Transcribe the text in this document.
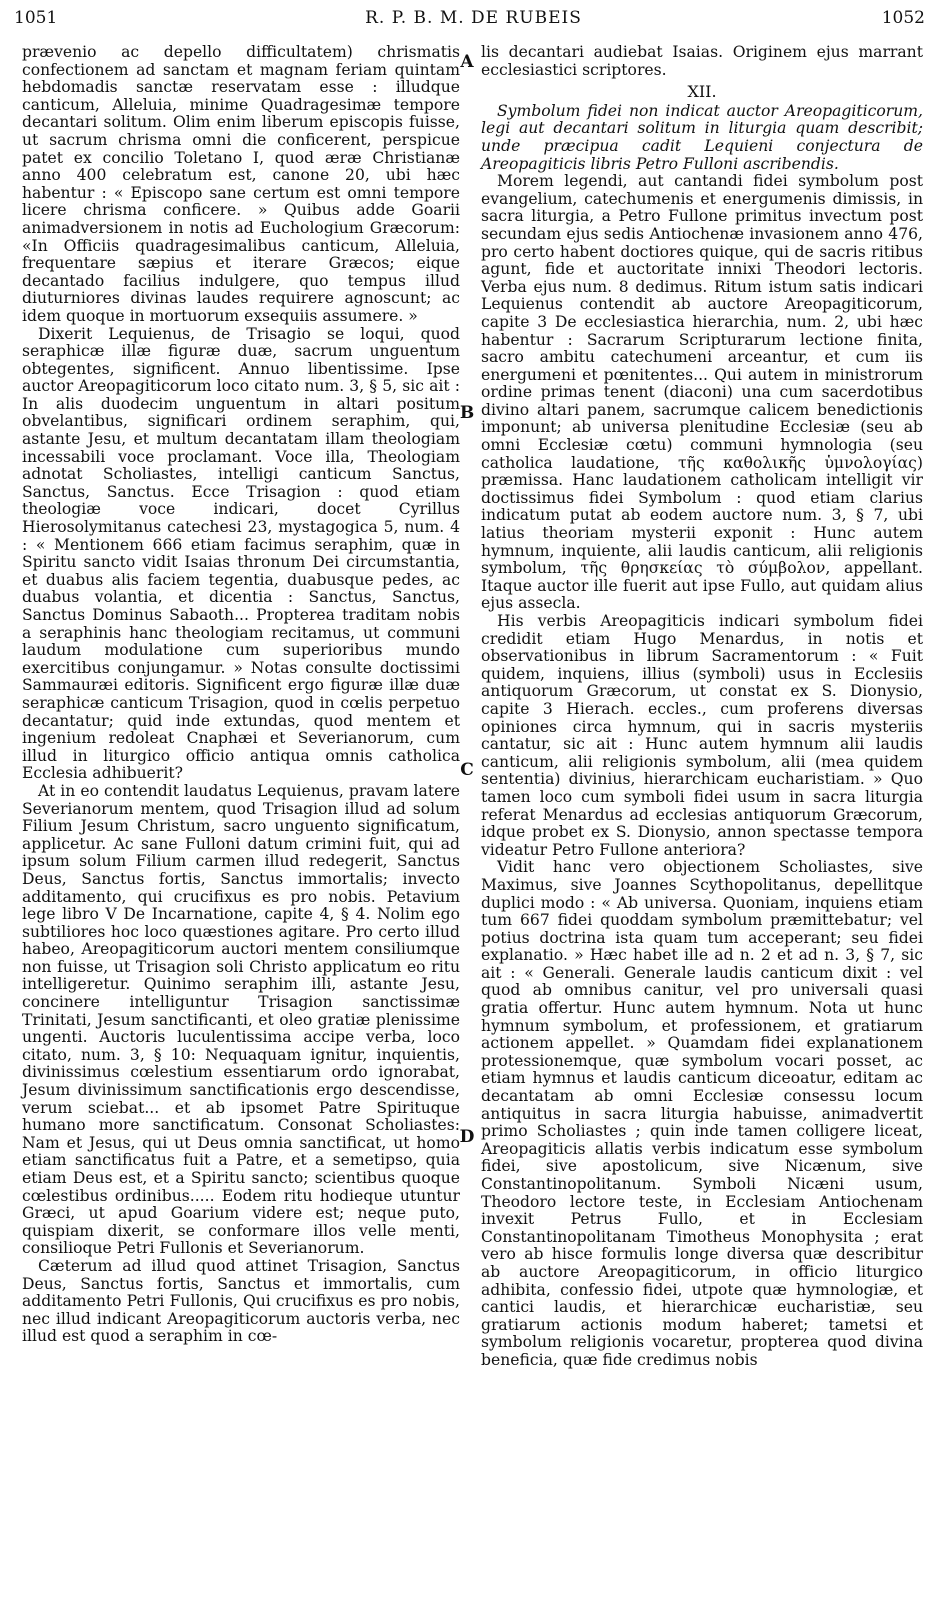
R. P. B. M. DE RUBEIS
1051	1052

prævenio ac depello difficultatem) chrismatis confectionem ad sanctam et magnam feriam quintam hebdomadis sanctæ reservatam esse : illudque canticum, Alleluia, minime Quadragesimæ tempore decantari solitum. Olim enim liberum episcopis fuisse, ut sacrum chrisma omni die conficerent, perspicue patet ex concilio Toletano I, quod æræ Christianæ anno 400 celebratum est, canone 20, ubi hæc habentur : « Episcopo sane certum est omni tempore licere chrisma conficere. » Quibus adde Goarii animadversionem in notis ad Euchologium Græcorum: «In Officiis quadragesimalibus canticum, Alleluia, frequentare sæpius et iterare Græcos; eique decantado facilius indulgere, quo tempus illud diuturniores divinas laudes requirere agnoscunt; ac idem quoque in mortuorum exsequiis assumere. »

Dixerit Lequienus, de Trisagio se loqui, quod seraphicæ illæ figuræ duæ, sacrum unguentum obtegentes, significent. Annuo libentissime. Ipse auctor Areopagiticorum loco citato num. 3, § 5, sic ait : In alis duodecim unguentum in altari positum obvelantibus, significari ordinem seraphim, qui, astante Jesu, et multum decantatam illam theologiam incessabili voce proclamant. Voce illa, Theologiam adnotat Scholiastes, intelligi canticum Sanctus, Sanctus, Sanctus. Ecce Trisagion : quod etiam theologiæ voce indicari, docet Cyrillus Hierosolymitanus catechesi 23, mystagogica 5, num. 4 : « Mentionem 666 etiam facimus seraphim, quæ in Spiritu sancto vidit Isaias thronum Dei circumstantia, et duabus alis faciem tegentia, duabusque pedes, ac duabus volantia, et dicentia : Sanctus, Sanctus, Sanctus Dominus Sabaoth... Propterea traditam nobis a seraphinis hanc theologiam recitamus, ut communi laudum modulatione cum superioribus mundo exercitibus conjungamur. » Notas consulte doctissimi Sammauræi editoris. Significent ergo figuræ illæ duæ seraphicæ canticum Trisagion, quod in cœlis perpetuo decantatur; quid inde extundas, quod mentem et ingenium redoleat Cnaphæi et Severianorum, cum illud in liturgico officio antiqua omnis catholica Ecclesia adhibuerit?

At in eo contendit laudatus Lequienus, pravam latere Severianorum mentem, quod Trisagion illud ad solum Filium Jesum Christum, sacro unguento significatum, applicetur. Ac sane Fulloni datum crimini fuit, qui ad ipsum solum Filium carmen illud redegerit, Sanctus Deus, Sanctus fortis, Sanctus immortalis; invecto additamento, qui crucifixus es pro nobis. Petavium lege libro V De Incarnatione, capite 4, § 4. Nolim ego subtiliores hoc loco quæstiones agitare. Pro certo illud habeo, Areopagiticorum auctori mentem consiliumque non fuisse, ut Trisagion soli Christo applicatum eo ritu intelligeretur. Quinimo seraphim illi, astante Jesu, concinere intelliguntur Trisagion sanctissimæ Trinitati, Jesum sanctificanti, et oleo gratiæ plenissime ungenti. Auctoris luculentissima accipe verba, loco citato, num. 3, § 10: Nequaquam ignitur, inquientis, divinissimus cœlestium essentiarum ordo ignorabat, Jesum divinissimum sanctificationis ergo descendisse, verum sciebat... et ab ipsomet Patre Spirituque humano more sanctificatum. Consonat Scholiastes: Nam et Jesus, qui ut Deus omnia sanctificat, ut homo etiam sanctificatus fuit a Patre, et a semetipso, quia etiam Deus est, et a Spiritu sancto; scientibus quoque cœlestibus ordinibus..... Eodem ritu hodieque utuntur Græci, ut apud Goarium videre est; neque puto, quispiam dixerit, se conformare illos velle menti, consilioque Petri Fullonis et Severianorum.

Cæterum ad illud quod attinet Trisagion, Sanctus Deus, Sanctus fortis, Sanctus et immortalis, cum additamento Petri Fullonis, Qui crucifixus es pro nobis, nec illud indicant Areopagiticorum auctoris verba, nec illud est quod a seraphim in cœ-

A
B
C
D

lis decantari audiebat Isaias. Originem ejus marrant ecclesiastici scriptores.

XII.

Symbolum fidei non indicat auctor Areopagiticorum, legi aut decantari solitum in liturgia quam describit; unde præcipua cadit Lequieni conjectura de Areopagiticis libris Petro Fulloni ascribendis.

Morem legendi, aut cantandi fidei symbolum post evangelium, catechumenis et energumenis dimissis, in sacra liturgia, a Petro Fullone primitus invectum post secundam ejus sedis Antiochenæ invasionem anno 476, pro certo habent doctiores quique, qui de sacris ritibus agunt, fide et auctoritate innixi Theodori lectoris. Verba ejus num. 8 dedimus. Ritum istum satis indicari Lequienus contendit ab auctore Areopagiticorum, capite 3 De ecclesiastica hierarchia, num. 2, ubi hæc habentur : Sacrarum Scripturarum lectione finita, sacro ambitu catechumeni arceantur, et cum iis energumeni et pœnitentes... Qui autem in ministrorum ordine primas tenent (diaconi) una cum sacerdotibus divino altari panem, sacrumque calicem benedictionis imponunt; ab universa plenitudine Ecclesiæ (seu ab omni Ecclesiæ cœtu) communi hymnologia (seu catholica laudatione, τῆς καθολικῆς ὑμνολογίας) præmissa. Hanc laudationem catholicam intelligit vir doctissimus fidei Symbolum : quod etiam clarius indicatum putat ab eodem auctore num. 3, § 7, ubi latius theoriam mysterii exponit : Hunc autem hymnum, inquiente, alii laudis canticum, alii religionis symbolum, τῆς θρησκείας τὸ σύμβολον, appellant. Itaque auctor ille fuerit aut ipse Fullo, aut quidam alius ejus assecla.

His verbis Areopagiticis indicari symbolum fidei credidit etiam Hugo Menardus, in notis et observationibus in librum Sacramentorum : « Fuit quidem, inquiens, illius (symboli) usus in Ecclesiis antiquorum Græcorum, ut constat ex S. Dionysio, capite 3 Hierach. eccles., cum proferens diversas opiniones circa hymnum, qui in sacris mysteriis cantatur, sic ait : Hunc autem hymnum alii laudis canticum, alii religionis symbolum, alii (mea quidem sententia) divinius, hierarchicam eucharistiam. » Quo tamen loco cum symboli fidei usum in sacra liturgia referat Menardus ad ecclesias antiquorum Græcorum, idque probet ex S. Dionysio, annon spectasse tempora videatur Petro Fullone anteriora?

Vidit hanc vero objectionem Scholiastes, sive Maximus, sive Joannes Scythopolitanus, depellitque duplici modo : « Ab universa. Quoniam, inquiens etiam tum 667 fidei quoddam symbolum præmittebatur; vel potius doctrina ista quam tum acceperant; seu fidei explanatio. » Hæc habet ille ad n. 2 et ad n. 3, § 7, sic ait : « Generali. Generale laudis canticum dixit : vel quod ab omnibus canitur, vel pro universali quasi gratia offertur. Hunc autem hymnum. Nota ut hunc hymnum symbolum, et professionem, et gratiarum actionem appellet. » Quamdam fidei explanationem protessionemque, quæ symbolum vocari posset, ac etiam hymnus et laudis canticum diceoatur, editam ac decantatam ab omni Ecclesiæ consessu locum antiquitus in sacra liturgia habuisse, animadvertit primo Scholiastes ; quin inde tamen colligere liceat, Areopagiticis allatis verbis indicatum esse symbolum fidei, sive apostolicum, sive Nicænum, sive Constantinopolitanum. Symboli Nicæni usum, Theodoro lectore teste, in Ecclesiam Antiochenam invexit Petrus Fullo, et in Ecclesiam Constantinopolitanam Timotheus Monophysita ; erat vero ab hisce formulis longe diversa quæ describitur ab auctore Areopagiticorum, in officio liturgico adhibita, confessio fidei, utpote quæ hymnologiæ, et cantici laudis, et hierarchicæ eucharistiæ, seu gratiarum actionis modum haberet; tametsi et symbolum religionis vocaretur, propterea quod divina beneficia, quæ fide credimus nobis
